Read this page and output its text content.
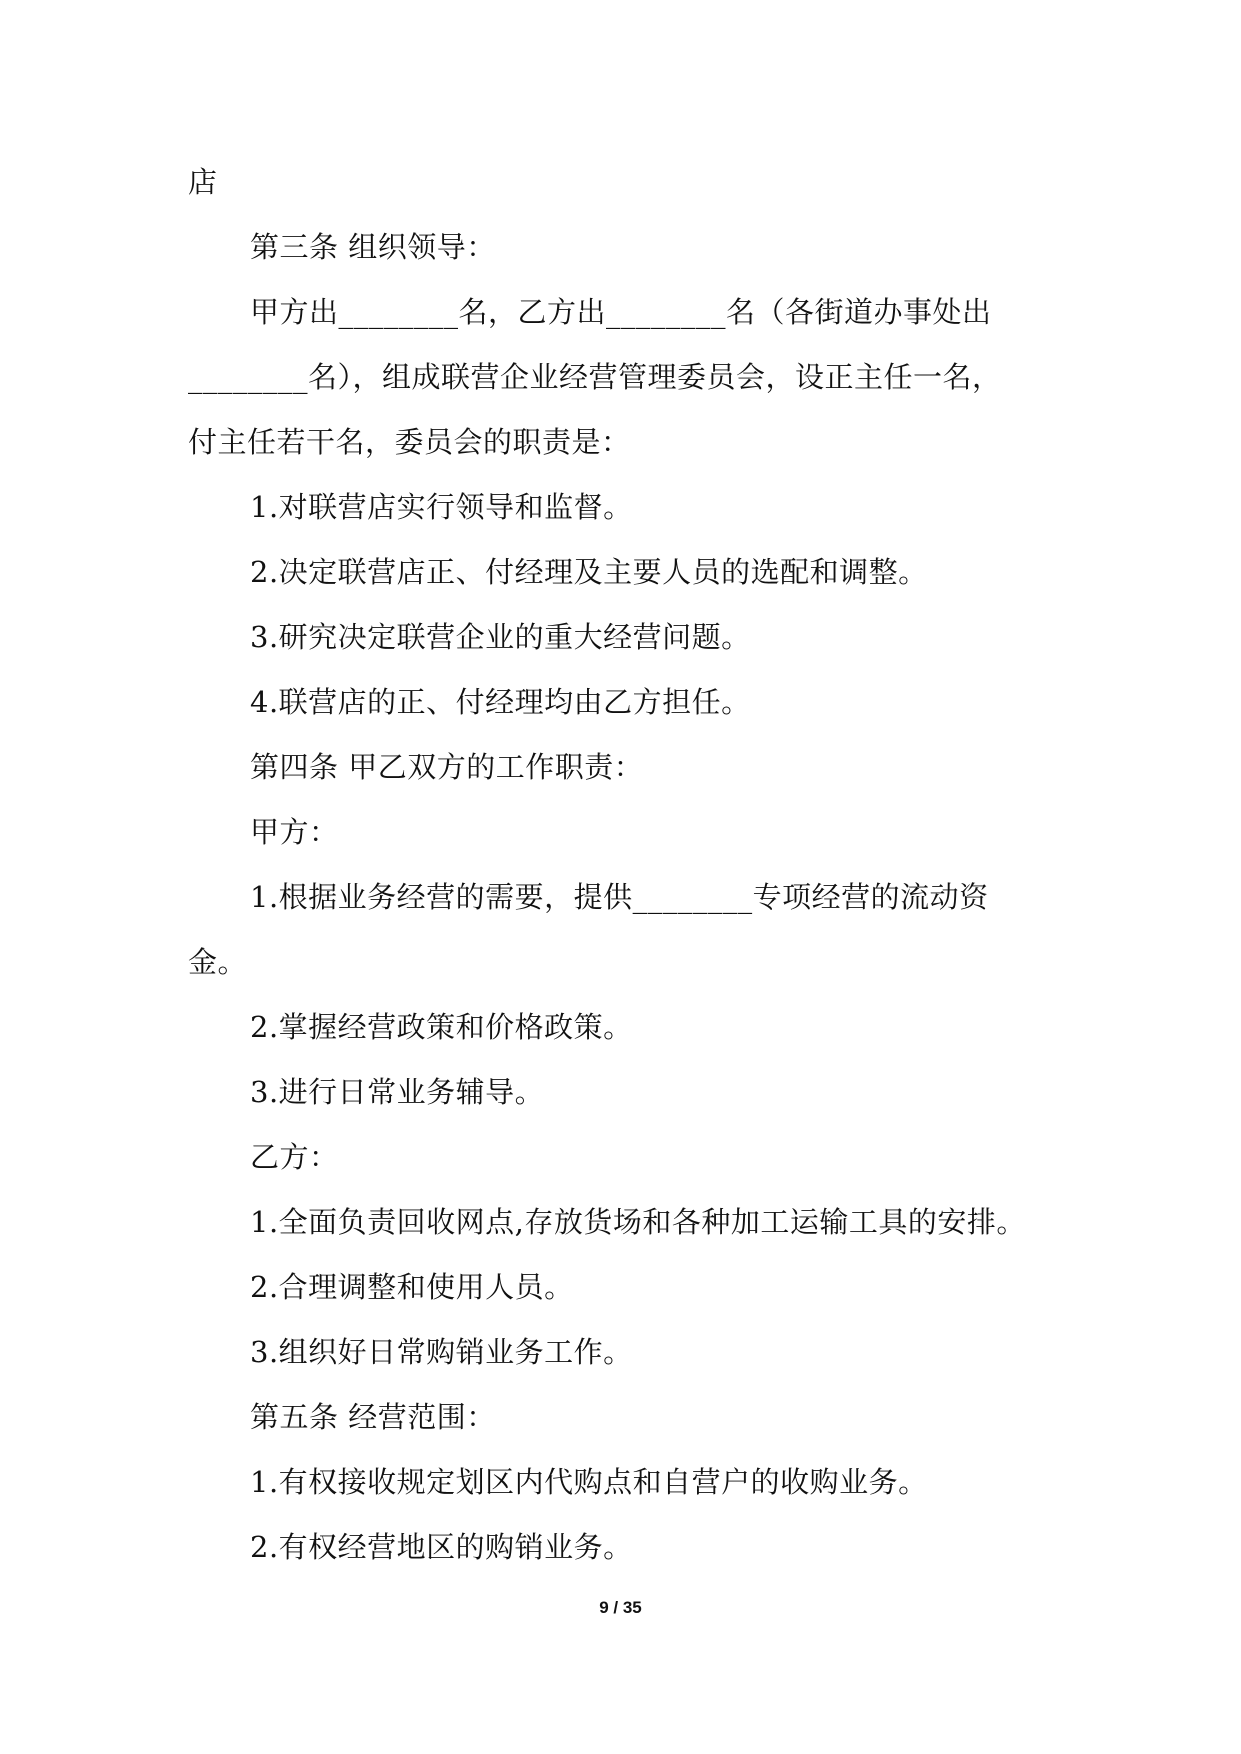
店
第三条 组织领导：
甲方出________名，乙方出________名（各街道办事处出
________名），组成联营企业经营管理委员会，设正主任一名，
付主任若干名，委员会的职责是：
1.对联营店实行领导和监督。
2.决定联营店正、付经理及主要人员的选配和调整。
3.研究决定联营企业的重大经营问题。
4.联营店的正、付经理均由乙方担任。
第四条 甲乙双方的工作职责：
甲方：
1.根据业务经营的需要，提供________专项经营的流动资
金。
2.掌握经营政策和价格政策。
3.进行日常业务辅导。
乙方：
1.全面负责回收网点,存放货场和各种加工运输工具的安排。
2.合理调整和使用人员。
3.组织好日常购销业务工作。
第五条 经营范围：
1.有权接收规定划区内代购点和自营户的收购业务。
2.有权经营地区的购销业务。
9 / 35
